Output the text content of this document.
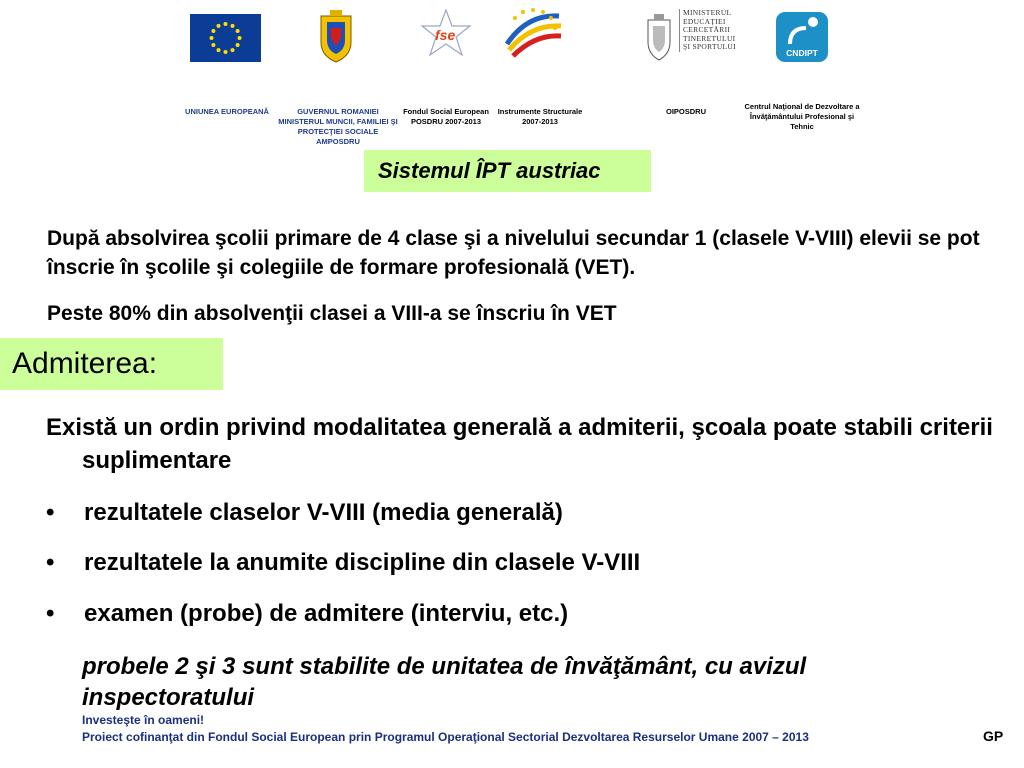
fse
MINISTERUL
EDUCAŢIEI
CERCETĂRII
TINERETULUI
ŞI SPORTULUI
CNDIPT
UNIUNEA EUROPEANĂ	GUVERNUL ROMANIEI
MINISTERUL MUNCII, FAMILIEI ŞI
PROTECŢIEI SOCIALE
AMPOSDRU
Fondul Social European
POSDRU 2007-2013
Instrumente Structurale
2007-2013
OIPOSDRU
Centrul Naţional de Dezvoltare a
Învăţământului Profesional şi
Tehnic
Sistemul ÎPT austriac
După absolvirea şcolii primare de 4 clase şi a nivelului secundar 1 (clasele V-VIII) elevii se pot înscrie în şcolile şi colegiile de formare profesională (VET).
Peste 80% din absolvenţii clasei a VIII-a se înscriu în VET
Admiterea:
Există un ordin privind modalitatea generală a admiterii, şcoala poate stabili criterii suplimentare
• rezultatele claselor V-VIII (media generală)
• rezultatele la anumite discipline din clasele V-VIII
• examen (probe) de admitere (interviu, etc.)
probele 2 şi 3 sunt stabilite de unitatea de învăţământ, cu avizul inspectoratului
Investeşte în oameni!
Proiect cofinanţat din Fondul Social European prin Programul Operaţional Sectorial Dezvoltarea Resurselor Umane 2007 – 2013	GP
